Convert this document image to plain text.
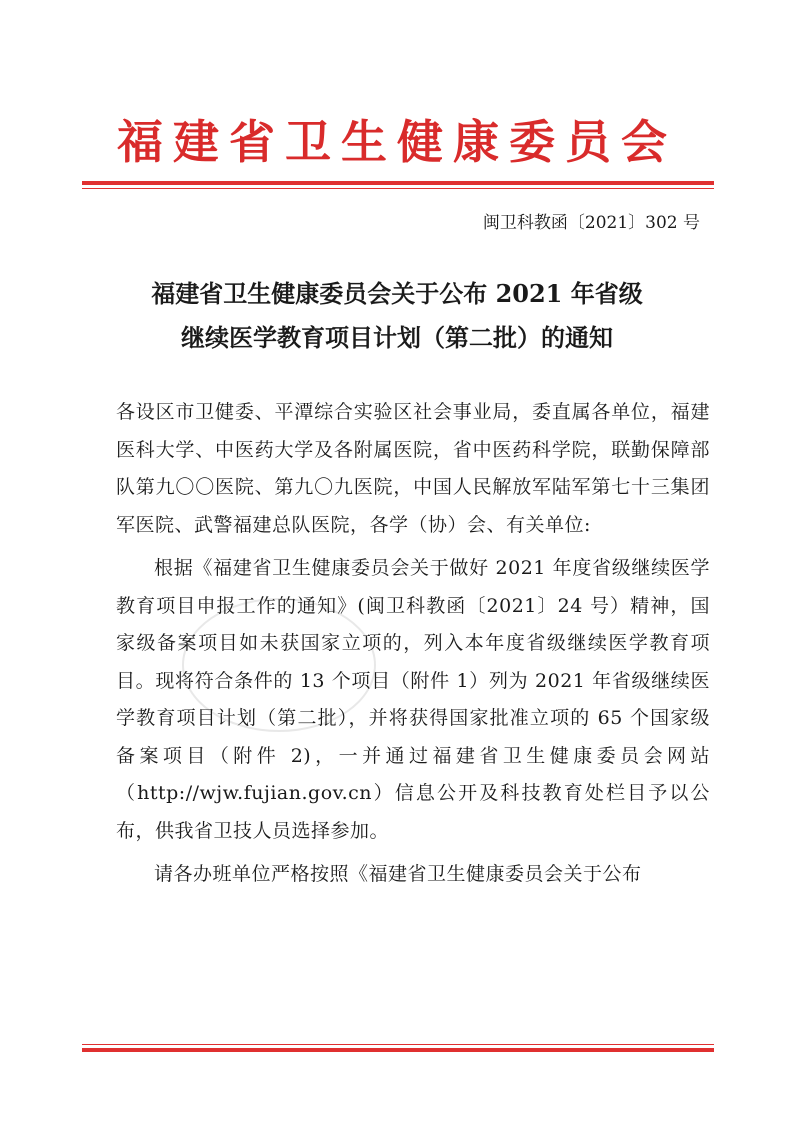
福建省卫生健康委员会
闽卫科教函〔2021〕302 号
福建省卫生健康委员会关于公布 2021 年省级
继续医学教育项目计划（第二批）的通知

各设区市卫健委、平潭综合实验区社会事业局，委直属各单位，福建医科大学、中医药大学及各附属医院，省中医药科学院，联勤保障部队第九〇〇医院、第九〇九医院，中国人民解放军陆军第七十三集团军医院、武警福建总队医院，各学（协）会、有关单位:

根据《福建省卫生健康委员会关于做好 2021 年度省级继续医学教育项目申报工作的通知》(闽卫科教函〔2021〕24 号）精神，国家级备案项目如未获国家立项的，列入本年度省级继续医学教育项目。现将符合条件的 13 个项目（附件 1）列为 2021 年省级继续医学教育项目计划（第二批），并将获得国家批准立项的 65 个国家级备案项目（附件 2)，一并通过福建省卫生健康委员会网站（http://wjw.fujian.gov.cn）信息公开及科技教育处栏目予以公布，供我省卫技人员选择参加。

请各办班单位严格按照《福建省卫生健康委员会关于公布
